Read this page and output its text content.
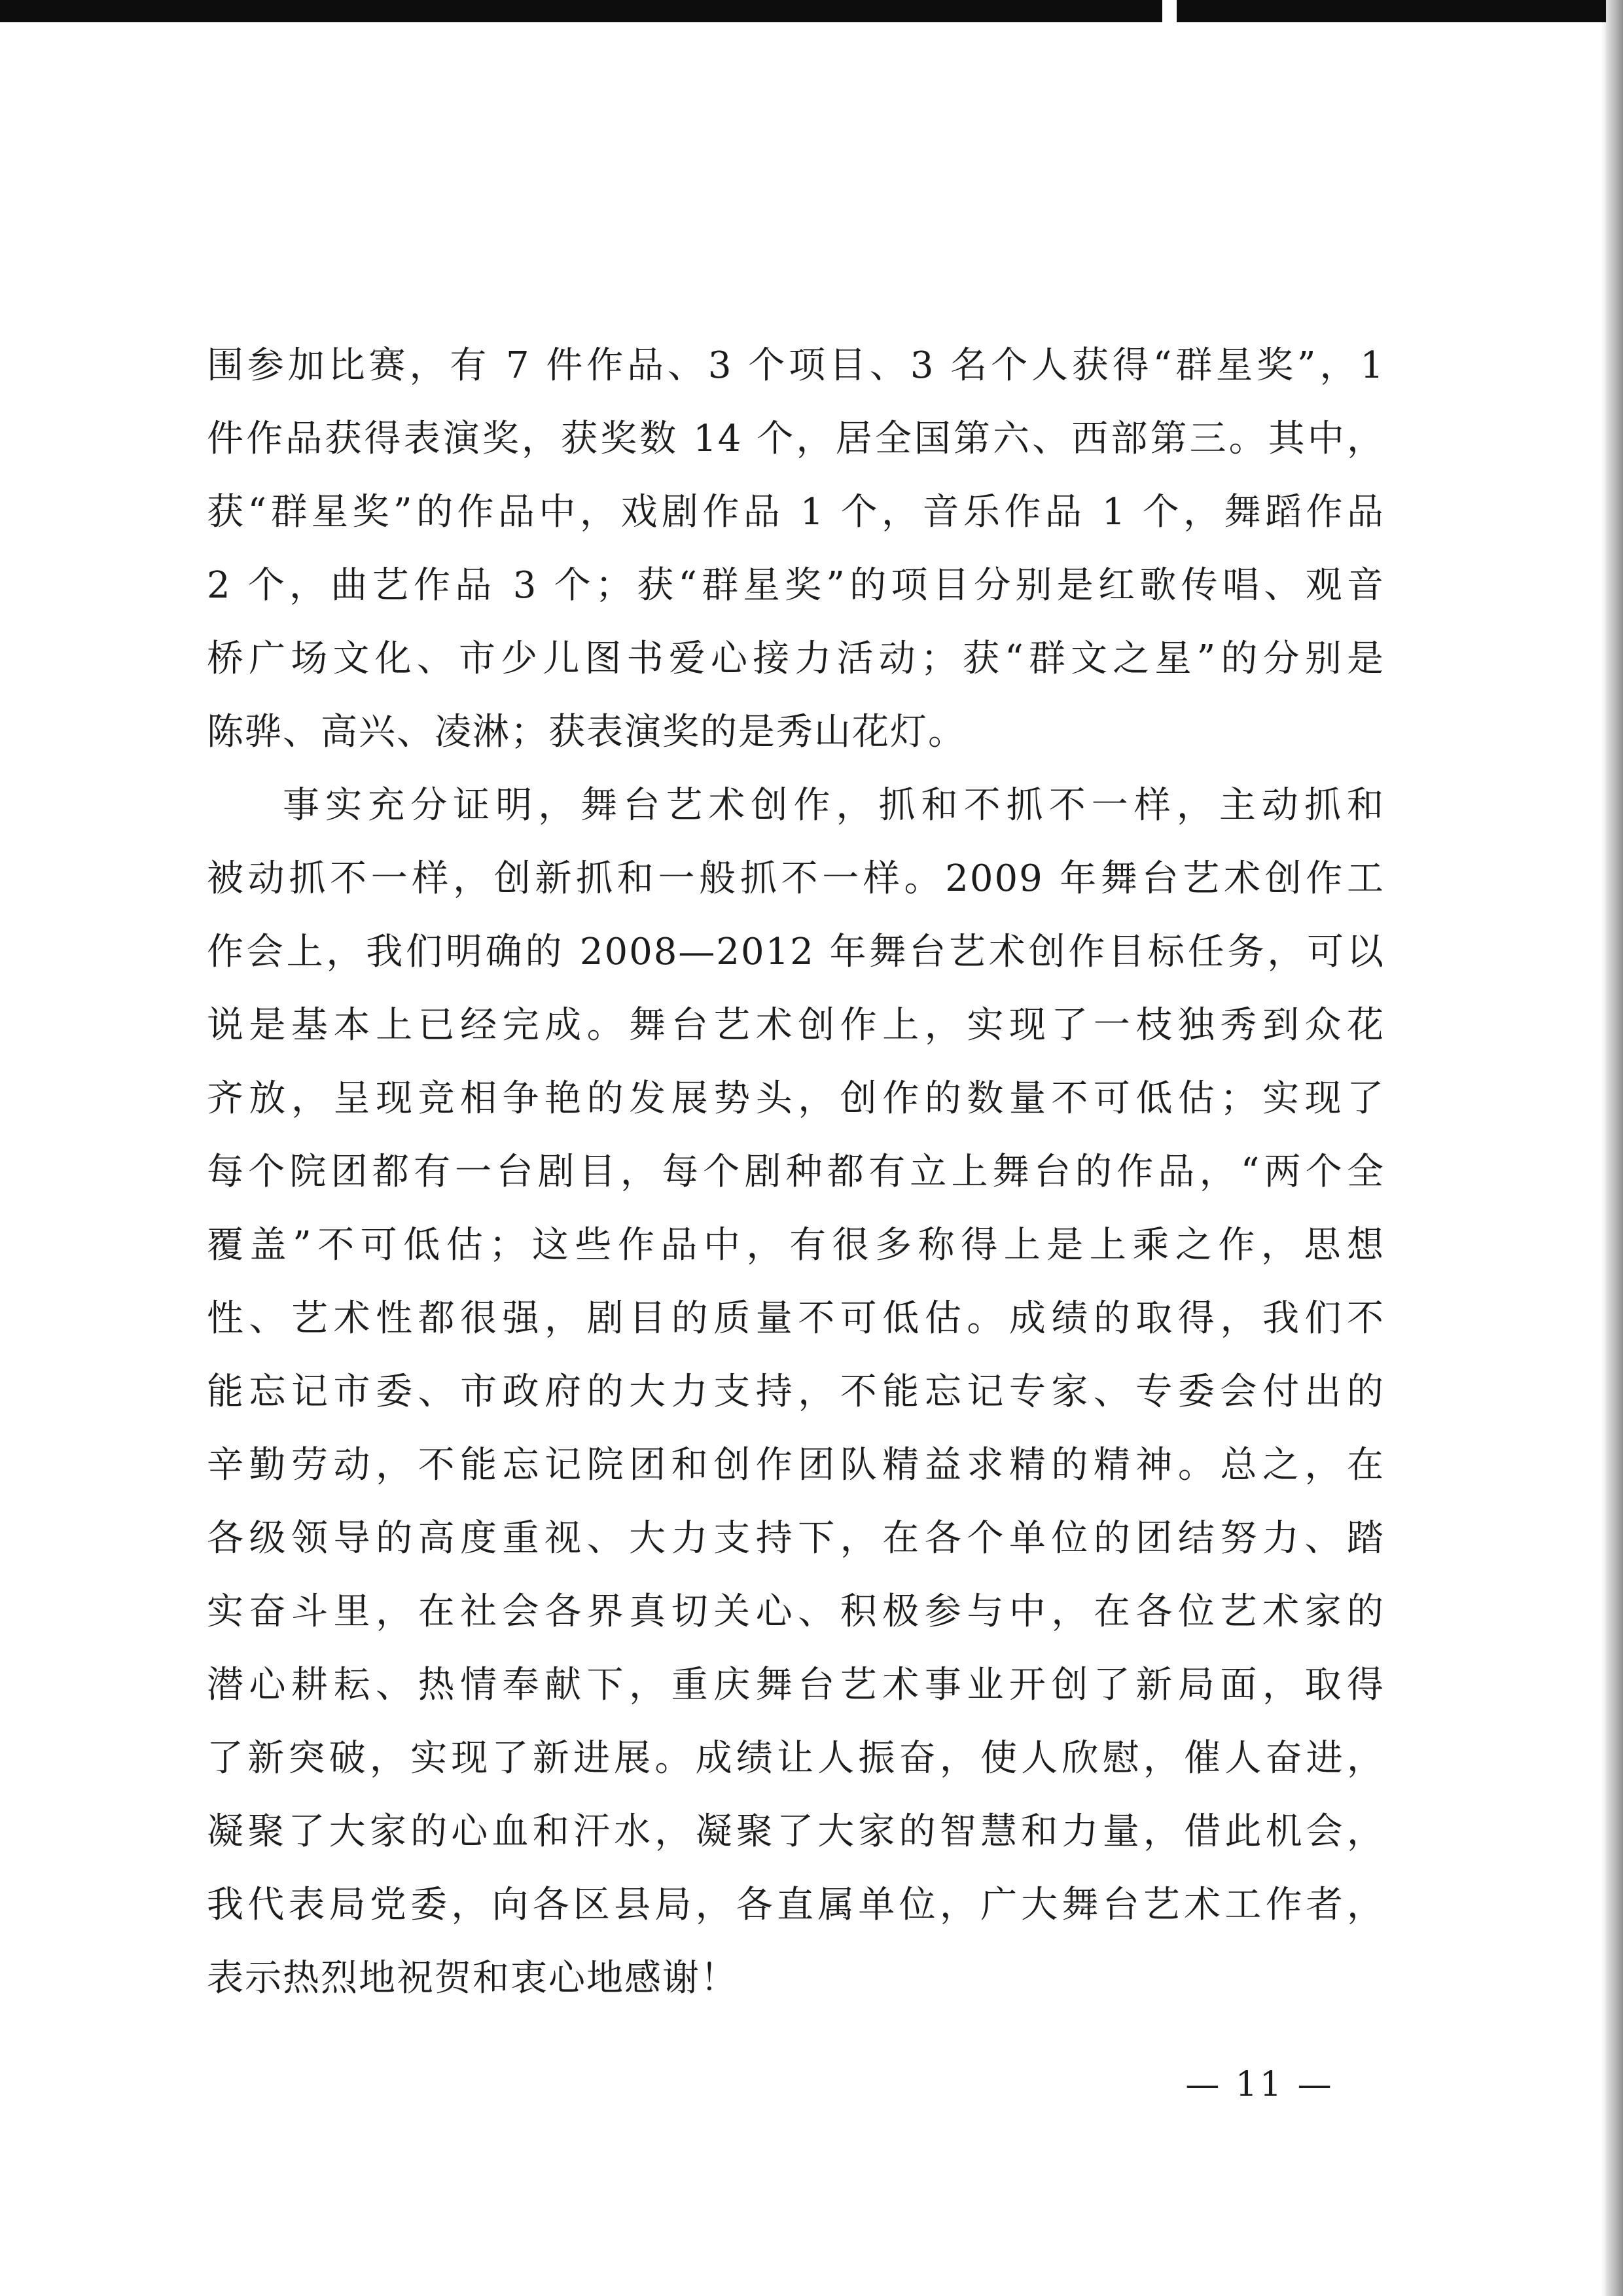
围参加比赛，有 7 件作品、3 个项目、3 名个人获得“群星奖”，1
件作品获得表演奖，获奖数 14 个，居全国第六、西部第三。其中，
获“群星奖”的作品中，戏剧作品 1 个，音乐作品 1 个，舞蹈作品
2 个，曲艺作品 3 个；获“群星奖”的项目分别是红歌传唱、观音
桥广场文化、市少儿图书爱心接力活动；获“群文之星”的分别是
陈骅、高兴、凌淋；获表演奖的是秀山花灯。

事实充分证明，舞台艺术创作，抓和不抓不一样，主动抓和
被动抓不一样，创新抓和一般抓不一样。2009 年舞台艺术创作工
作会上，我们明确的 2008—2012 年舞台艺术创作目标任务，可以
说是基本上已经完成。舞台艺术创作上，实现了一枝独秀到众花
齐放，呈现竞相争艳的发展势头，创作的数量不可低估；实现了
每个院团都有一台剧目，每个剧种都有立上舞台的作品，“两个全
覆盖”不可低估；这些作品中，有很多称得上是上乘之作，思想
性、艺术性都很强，剧目的质量不可低估。成绩的取得，我们不
能忘记市委、市政府的大力支持，不能忘记专家、专委会付出的
辛勤劳动，不能忘记院团和创作团队精益求精的精神。总之，在
各级领导的高度重视、大力支持下，在各个单位的团结努力、踏
实奋斗里，在社会各界真切关心、积极参与中，在各位艺术家的
潜心耕耘、热情奉献下，重庆舞台艺术事业开创了新局面，取得
了新突破，实现了新进展。成绩让人振奋，使人欣慰，催人奋进，
凝聚了大家的心血和汗水，凝聚了大家的智慧和力量，借此机会，
我代表局党委，向各区县局，各直属单位，广大舞台艺术工作者，
表示热烈地祝贺和衷心地感谢！

— 11 —
